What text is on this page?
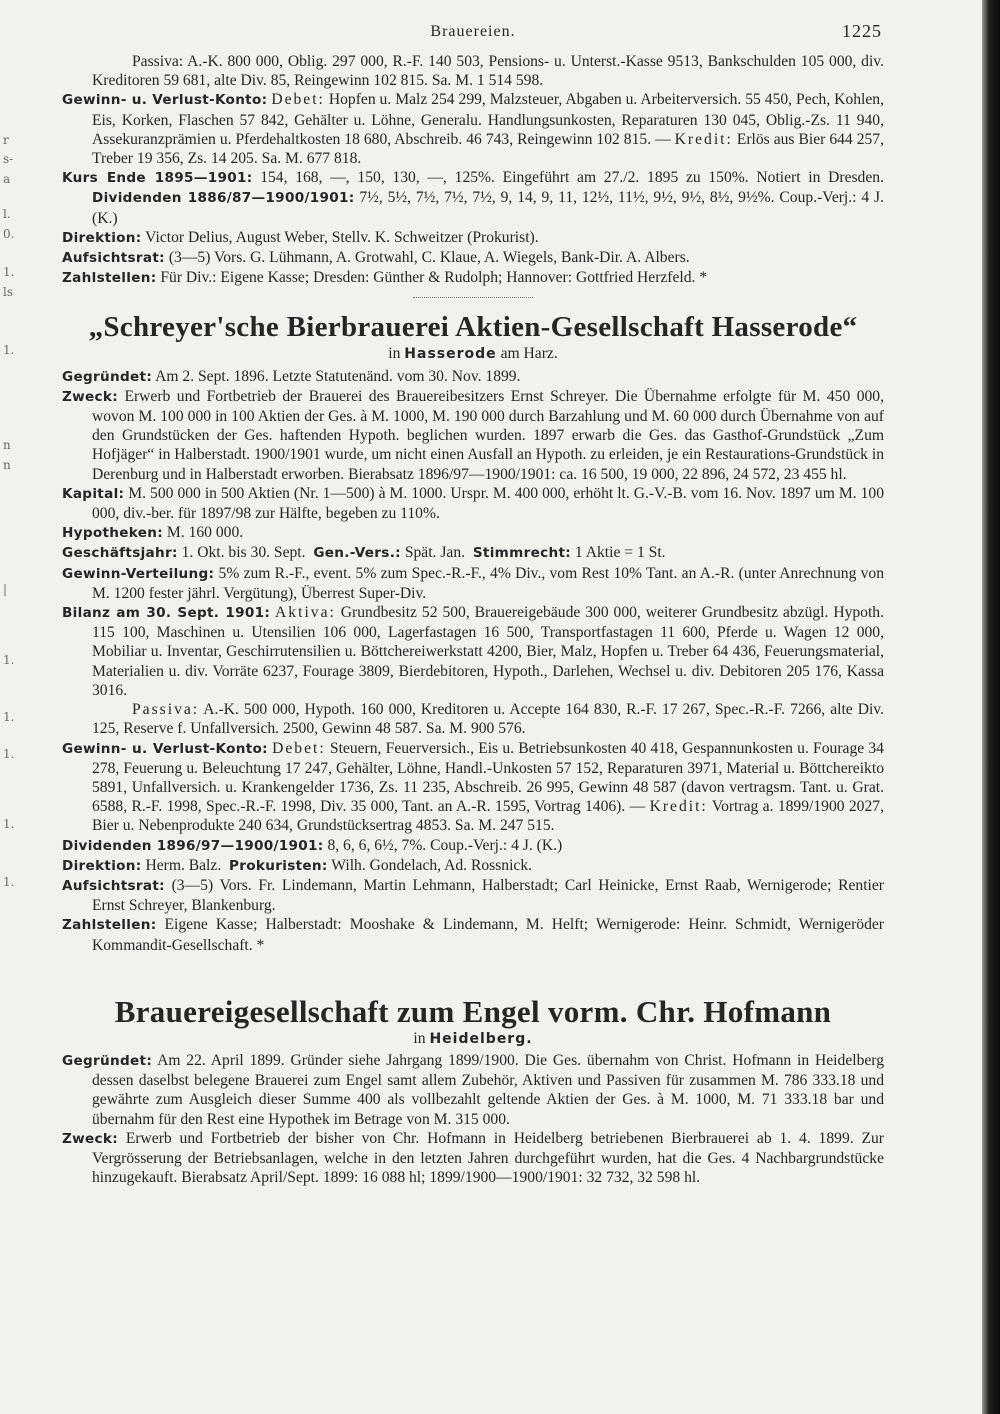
r
s-
a
l.
0.
1.
ls
1.
n
n
|
1.
1.
1.
1.
1.
Brauereien.	1225

Passiva: A.-K. 800 000, Oblig. 297 000, R.-F. 140 503, Pensions- u. Unterst.-Kasse 9513, Bankschulden 105 000, div. Kreditoren 59 681, alte Div. 85, Reingewinn 102 815. Sa. M. 1 514 598.

Gewinn- u. Verlust-Konto: Debet: Hopfen u. Malz 254 299, Malzsteuer, Abgaben u. Arbeiterversich. 55 450, Pech, Kohlen, Eis, Korken, Flaschen 57 842, Gehälter u. Löhne, Generalu. Handlungsunkosten, Reparaturen 130 045, Oblig.-Zs. 11 940, Assekuranzprämien u. Pferdehaltkosten 18 680, Abschreib. 46 743, Reingewinn 102 815. — Kredit: Erlös aus Bier 644 257, Treber 19 356, Zs. 14 205. Sa. M. 677 818.

Kurs Ende 1895—1901: 154, 168, —, 150, 130, —, 125%. Eingeführt am 27./2. 1895 zu 150%. Notiert in Dresden. Dividenden 1886/87—1900/1901: 7½, 5½, 7½, 7½, 7½, 9, 14, 9, 11, 12½, 11½, 9½, 9½, 8½, 9½%. Coup.-Verj.: 4 J. (K.)

Direktion: Victor Delius, August Weber, Stellv. K. Schweitzer (Prokurist).

Aufsichtsrat: (3—5) Vors. G. Lühmann, A. Grotwahl, C. Klaue, A. Wiegels, Bank-Dir. A. Albers.

Zahlstellen: Für Div.: Eigene Kasse; Dresden: Günther & Rudolph; Hannover: Gottfried Herzfeld. *

„Schreyer'sche Bierbrauerei Aktien-Gesellschaft Hasserode“

in Hasserode am Harz.

Gegründet: Am 2. Sept. 1896. Letzte Statutenänd. vom 30. Nov. 1899.

Zweck: Erwerb und Fortbetrieb der Brauerei des Brauereibesitzers Ernst Schreyer. Die Übernahme erfolgte für M. 450 000, wovon M. 100 000 in 100 Aktien der Ges. à M. 1000, M. 190 000 durch Barzahlung und M. 60 000 durch Übernahme von auf den Grundstücken der Ges. haftenden Hypoth. beglichen wurden. 1897 erwarb die Ges. das Gasthof-Grundstück „Zum Hofjäger“ in Halberstadt. 1900/1901 wurde, um nicht einen Ausfall an Hypoth. zu erleiden, je ein Restaurations-Grundstück in Derenburg und in Halberstadt erworben. Bierabsatz 1896/97—1900/1901: ca. 16 500, 19 000, 22 896, 24 572, 23 455 hl.

Kapital: M. 500 000 in 500 Aktien (Nr. 1—500) à M. 1000. Urspr. M. 400 000, erhöht lt. G.-V.-B. vom 16. Nov. 1897 um M. 100 000, div.-ber. für 1897/98 zur Hälfte, begeben zu 110%.

Hypotheken: M. 160 000.

Geschäftsjahr: 1. Okt. bis 30. Sept. Gen.-Vers.: Spät. Jan. Stimmrecht: 1 Aktie = 1 St.

Gewinn-Verteilung: 5% zum R.-F., event. 5% zum Spec.-R.-F., 4% Div., vom Rest 10% Tant. an A.-R. (unter Anrechnung von M. 1200 fester jährl. Vergütung), Überrest Super-Div.

Bilanz am 30. Sept. 1901: Aktiva: Grundbesitz 52 500, Brauereigebäude 300 000, weiterer Grundbesitz abzügl. Hypoth. 115 100, Maschinen u. Utensilien 106 000, Lagerfastagen 16 500, Transportfastagen 11 600, Pferde u. Wagen 12 000, Mobiliar u. Inventar, Geschirrutensilien u. Böttchereiwerkstatt 4200, Bier, Malz, Hopfen u. Treber 64 436, Feuerungsmaterial, Materialien u. div. Vorräte 6237, Fourage 3809, Bierdebitoren, Hypoth., Darlehen, Wechsel u. div. Debitoren 205 176, Kassa 3016.

Passiva: A.-K. 500 000, Hypoth. 160 000, Kreditoren u. Accepte 164 830, R.-F. 17 267, Spec.-R.-F. 7266, alte Div. 125, Reserve f. Unfallversich. 2500, Gewinn 48 587. Sa. M. 900 576.

Gewinn- u. Verlust-Konto: Debet: Steuern, Feuerversich., Eis u. Betriebsunkosten 40 418, Gespannunkosten u. Fourage 34 278, Feuerung u. Beleuchtung 17 247, Gehälter, Löhne, Handl.-Unkosten 57 152, Reparaturen 3971, Material u. Böttchereikto 5891, Unfallversich. u. Krankengelder 1736, Zs. 11 235, Abschreib. 26 995, Gewinn 48 587 (davon vertragsm. Tant. u. Grat. 6588, R.-F. 1998, Spec.-R.-F. 1998, Div. 35 000, Tant. an A.-R. 1595, Vortrag 1406). — Kredit: Vortrag a. 1899/1900 2027, Bier u. Nebenprodukte 240 634, Grundstücksertrag 4853. Sa. M. 247 515.

Dividenden 1896/97—1900/1901: 8, 6, 6, 6½, 7%. Coup.-Verj.: 4 J. (K.)

Direktion: Herm. Balz. Prokuristen: Wilh. Gondelach, Ad. Rossnick.

Aufsichtsrat: (3—5) Vors. Fr. Lindemann, Martin Lehmann, Halberstadt; Carl Heinicke, Ernst Raab, Wernigerode; Rentier Ernst Schreyer, Blankenburg.

Zahlstellen: Eigene Kasse; Halberstadt: Mooshake & Lindemann, M. Helft; Wernigerode: Heinr. Schmidt, Wernigeröder Kommandit-Gesellschaft. *

Brauereigesellschaft zum Engel vorm. Chr. Hofmann

in Heidelberg.

Gegründet: Am 22. April 1899. Gründer siehe Jahrgang 1899/1900. Die Ges. übernahm von Christ. Hofmann in Heidelberg dessen daselbst belegene Brauerei zum Engel samt allem Zubehör, Aktiven und Passiven für zusammen M. 786 333.18 und gewährte zum Ausgleich dieser Summe 400 als vollbezahlt geltende Aktien der Ges. à M. 1000, M. 71 333.18 bar und übernahm für den Rest eine Hypothek im Betrage von M. 315 000.

Zweck: Erwerb und Fortbetrieb der bisher von Chr. Hofmann in Heidelberg betriebenen Bierbrauerei ab 1. 4. 1899. Zur Vergrösserung der Betriebsanlagen, welche in den letzten Jahren durchgeführt wurden, hat die Ges. 4 Nachbargrundstücke hinzugekauft. Bierabsatz April/Sept. 1899: 16 088 hl; 1899/1900—1900/1901: 32 732, 32 598 hl.
